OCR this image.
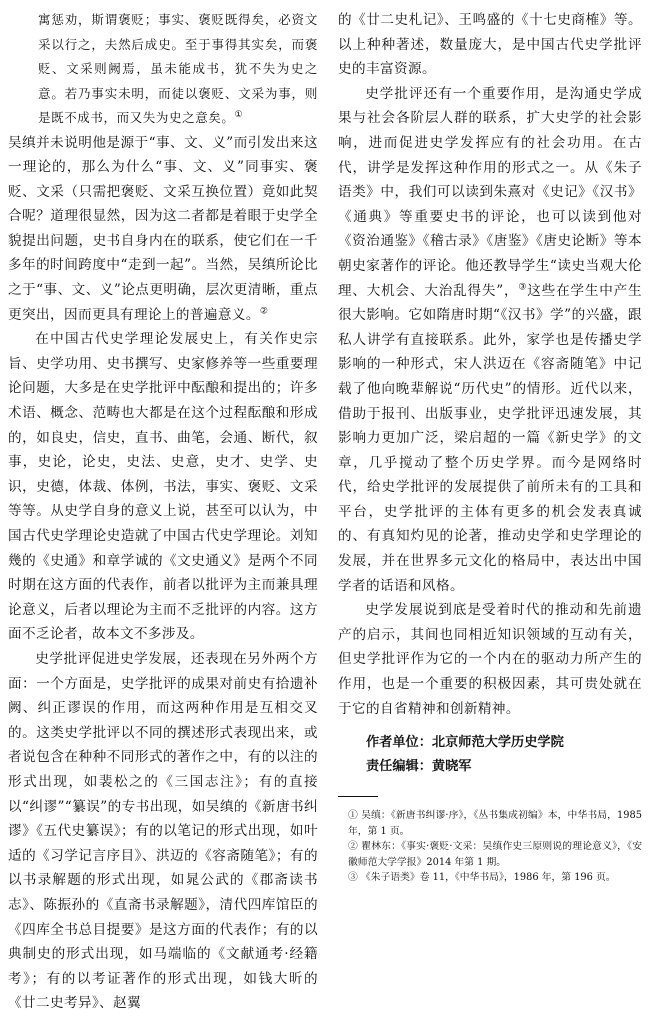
寓惩劝，斯谓褒贬；事实、褒贬既得矣，必资文采以行之，夫然后成史。至于事得其实矣，而褒贬、文采则阙焉，虽未能成书，犹不失为史之意。若乃事实未明，而徒以褒贬、文采为事，则是既不成书，而又失为史之意矣。①

吴缜并未说明他是源于“事、文、义”而引发出来这一理论的，那么为什么“事、文、义”同事实、褒贬、文采（只需把褒贬、文采互换位置）竟如此契合呢？道理很显然，因为这二者都是着眼于史学全貌提出问题，史书自身内在的联系，使它们在一千多年的时间跨度中“走到一起”。当然，吴缜所论比之于“事、文、义”论点更明确，层次更清晰，重点更突出，因而更具有理论上的普遍意义。②

在中国古代史学理论发展史上，有关作史宗旨、史学功用、史书撰写、史家修养等一些重要理论问题，大多是在史学批评中酝酿和提出的；许多术语、概念、范畴也大都是在这个过程酝酿和形成的，如良史，信史，直书、曲笔，会通、断代，叙事，史论，论史，史法、史意，史才、史学、史识，史德，体裁、体例，书法，事实、褒贬、文采等等。从史学自身的意义上说，甚至可以认为，中国古代史学理论史造就了中国古代史学理论。刘知幾的《史通》和章学诚的《文史通义》是两个不同时期在这方面的代表作，前者以批评为主而兼具理论意义，后者以理论为主而不乏批评的内容。这方面不乏论者，故本文不多涉及。

史学批评促进史学发展，还表现在另外两个方面：一个方面是，史学批评的成果对前史有拾遗补阙、纠正谬误的作用，而这两种作用是互相交叉的。这类史学批评以不同的撰述形式表现出来，或者说包含在种种不同形式的著作之中，有的以注的形式出现，如裴松之的《三国志注》；有的直接以“纠谬”“纂误”的专书出现，如吴缜的《新唐书纠谬》《五代史纂误》；有的以笔记的形式出现，如叶适的《习学记言序目》、洪迈的《容斋随笔》；有的以书录解题的形式出现，如晁公武的《郡斋读书志》、陈振孙的《直斋书录解题》，清代四库馆臣的《四库全书总目提要》是这方面的代表作；有的以典制史的形式出现，如马端临的《文献通考·经籍考》；有的以考证著作的形式出现，如钱大昕的《廿二史考异》、赵翼

的《廿二史札记》、王鸣盛的《十七史商榷》等。以上种种著述，数量庞大，是中国古代史学批评史的丰富资源。

史学批评还有一个重要作用，是沟通史学成果与社会各阶层人群的联系，扩大史学的社会影响，进而促进史学发挥应有的社会功用。在古代，讲学是发挥这种作用的形式之一。从《朱子语类》中，我们可以读到朱熹对《史记》《汉书》《通典》等重要史书的评论，也可以读到他对《资治通鉴》《稽古录》《唐鉴》《唐史论断》等本朝史家著作的评论。他还教导学生“读史当观大伦理、大机会、大治乱得失”，③这些在学生中产生很大影响。它如隋唐时期“《汉书》学”的兴盛，跟私人讲学有直接联系。此外，家学也是传播史学影响的一种形式，宋人洪迈在《容斋随笔》中记载了他向晚辈解说“历代史”的情形。近代以来，借助于报刊、出版事业，史学批评迅速发展，其影响力更加广泛，梁启超的一篇《新史学》的文章，几乎搅动了整个历史学界。而今是网络时代，给史学批评的发展提供了前所未有的工具和平台，史学批评的主体有更多的机会发表真诚的、有真知灼见的论著，推动史学和史学理论的发展，并在世界多元文化的格局中，表达出中国学者的话语和风格。

史学发展说到底是受着时代的推动和先前遗产的启示，其间也同相近知识领域的互动有关，但史学批评作为它的一个内在的驱动力所产生的作用，也是一个重要的积极因素，其可贵处就在于它的自省精神和创新精神。

作者单位：北京师范大学历史学院
责任编辑：黄晓军

① 吴缜：《新唐书纠谬·序》，《丛书集成初编》本，中华书局，1985 年，第 1 页。

② 瞿林东：《事实·褒贬·文采：吴缜作史三原则说的理论意义》，《安徽师范大学学报》2014 年第 1 期。

③ 《朱子语类》卷 11，《中华书局》，1986 年，第 196 页。
